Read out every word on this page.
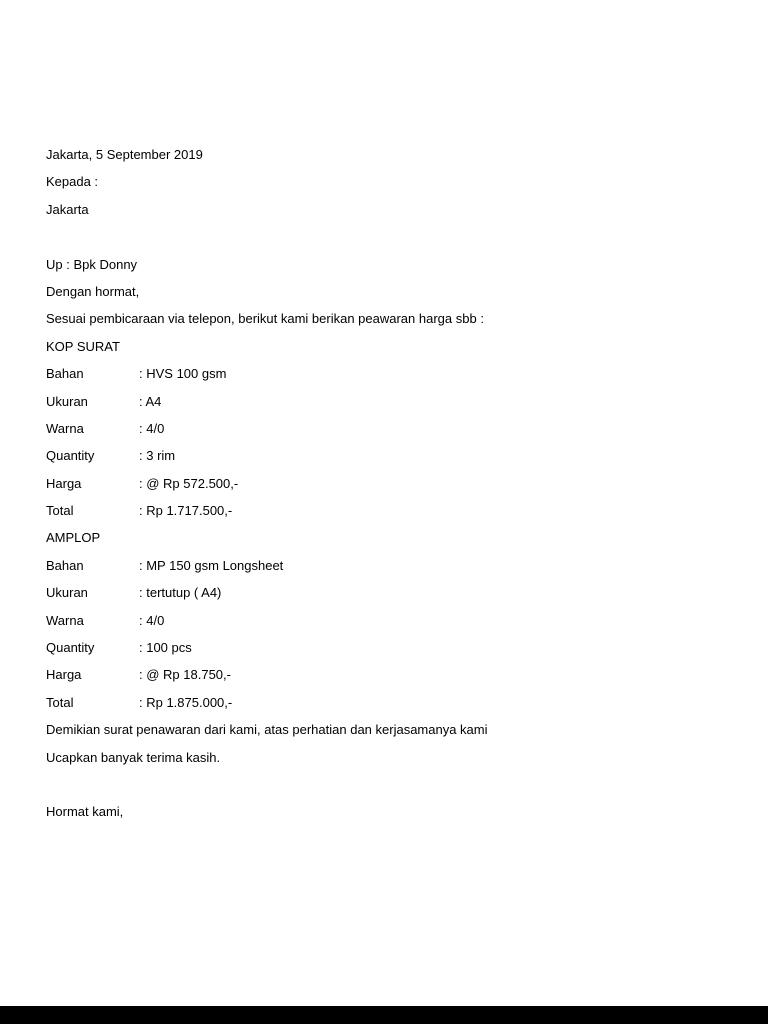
Jakarta, 5 September 2019
Kepada :
Jakarta
Up : Bpk Donny
Dengan hormat,
Sesuai pembicaraan via telepon, berikut kami berikan peawaran harga sbb :
KOP SURAT
Bahan	: HVS 100 gsm
Ukuran	: A4
Warna	: 4/0
Quantity	: 3 rim
Harga	: @ Rp 572.500,-
Total	: Rp 1.717.500,-
AMPLOP
Bahan	: MP 150 gsm Longsheet
Ukuran	: tertutup ( A4)
Warna	: 4/0
Quantity	: 100 pcs
Harga	: @ Rp 18.750,-
Total	: Rp 1.875.000,-
Demikian surat penawaran dari kami, atas perhatian dan kerjasamanya kami
Ucapkan banyak terima kasih.
Hormat kami,
